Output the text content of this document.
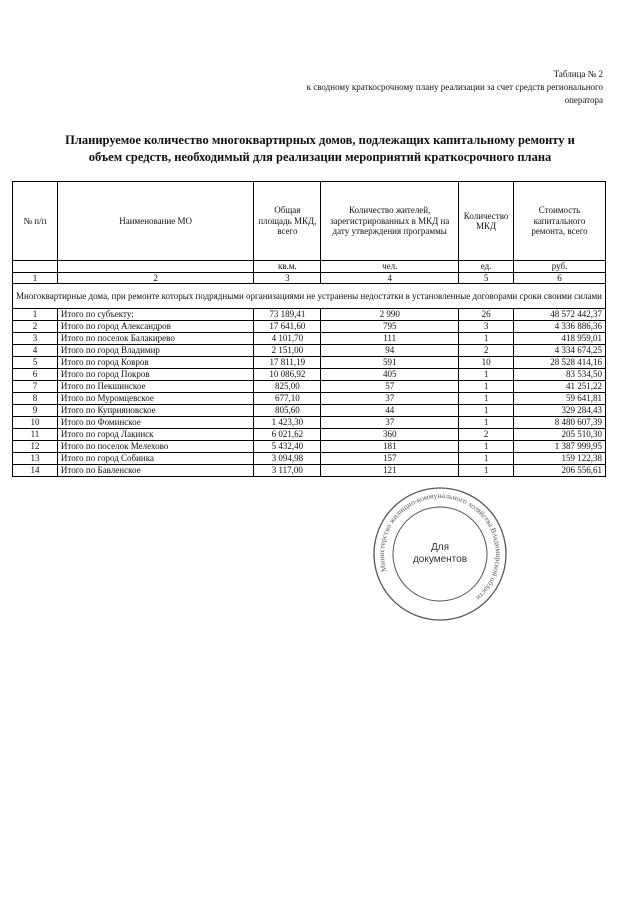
Таблица № 2
к сводному краткосрочному плану реализации за счет средств регионального
оператора
Планируемое количество многоквартирных домов, подлежащих капитальному ремонту и
объем средств, необходимый для реализации мероприятий краткосрочного плана
№ п/п	Наименование МО	Общая площадь МКД, всего	Количество жителей, зарегистрированных в МКД на дату утверждения программы	Количество МКД	Стоимость капитального ремонта, всего
		кв.м.	чел.	ед.	руб.
1	2	3	4	5	6
Многоквартирные дома, при ремонте которых подрядными организациями не устранены недостатки в установленные договорами сроки своими силами					
1	Итого по субъекту:	73 189,41	2 990	26	48 572 442,37
2	Итого по город Александров	17 641,60	795	3	4 336 886,36
3	Итого по поселок Балакирево	4 101,70	111	1	418 959,01
4	Итого по город Владимир	2 151,00	94	2	4 334 674,25
5	Итого по город Ковров	17 811,19	591	10	28 528 414,16
6	Итого по город Покров	10 086,92	405	1	83 534,50
7	Итого по Пекшинское	825,00	57	1	41 251,22
8	Итого по Муромцевское	677,10	37	1	59 641,81
9	Итого по Куприяновское	805,60	44	1	329 284,43
10	Итого по Фоминское	1 423,30	37	1	8 480 607,39
11	Итого по город Лакинск	6 021,62	360	2	205 510,30
12	Итого по поселок Мелехово	5 432,40	181	1	1 387 999,95
13	Итого по город Собинка	3 094,98	157	1	159 122,38
14	Итого по Бавленское	3 117,00	121	1	206 556,61
Министерство жилищно-коммунального хозяйства Владимирской области
Для
документов
